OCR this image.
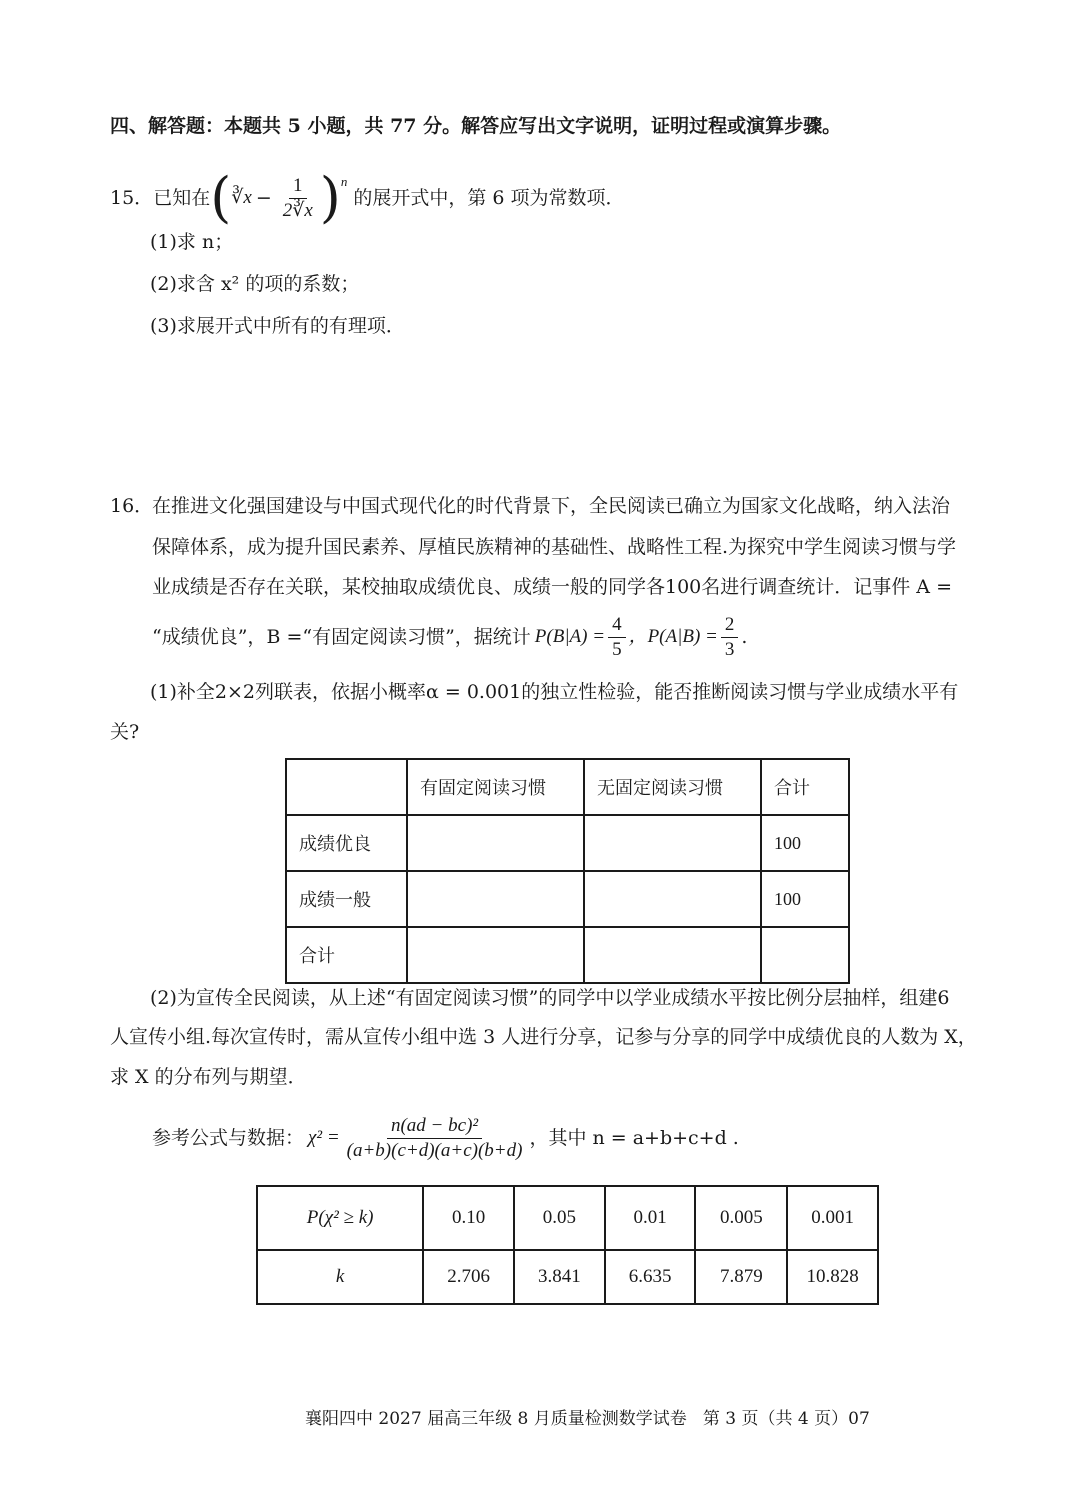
四、解答题：本题共 5 小题，共 77 分。解答应写出文字说明，证明过程或演算步骤。
15． 已知在 ( ∛x − $\frac{1}{2∛x}$ ) n
的展开式中，第 6 项为常数项．
(1)求 n；
(2)求含 x² 的项的系数；
(3)求展开式中所有的有理项．
16．
在推进文化强国建设与中国式现代化的时代背景下，全民阅读已确立为国家文化战略，纳入法治
保障体系，成为提升国民素养、厚植民族精神的基础性、战略性工程.为探究中学生阅读习惯与学
业成绩是否存在关联，某校抽取成绩优良、成绩一般的同学各100名进行调查统计．记事件 A =
“成绩优良”， B =“有固定阅读习惯”，据统计 $P(B|A) = \frac{4}{5}$ ，$P(A|B) = \frac{2}{3}$ .
(1)补全2×2列联表，依据小概率α = 0.001的独立性检验，能否推断阅读习惯与学业成绩水平有
关?
	有固定阅读习惯	无固定阅读习惯	合计
成绩优良			100
成绩一般			100
合计			
(2)为宣传全民阅读，从上述“有固定阅读习惯”的同学中以学业成绩水平按比例分层抽样，组建6
人宣传小组.每次宣传时，需从宣传小组中选 3 人进行分享，记参与分享的同学中成绩优良的人数为 X，
求 X 的分布列与期望．
参考公式与数据： $\chi^2 = \frac{\text{n(ad − bc)²}}{(a+b)(c+d)(a+c)(b+d)}$ ，其中 n = a+b+c+d .
P(χ² ≥ k)	0.10	0.05	0.01	0.005	0.001
k	2.706	3.841	6.635	7.879	10.828
襄阳四中 2027 届高三年级 8 月质量检测数学试卷   第 3 页（共 4 页）07
